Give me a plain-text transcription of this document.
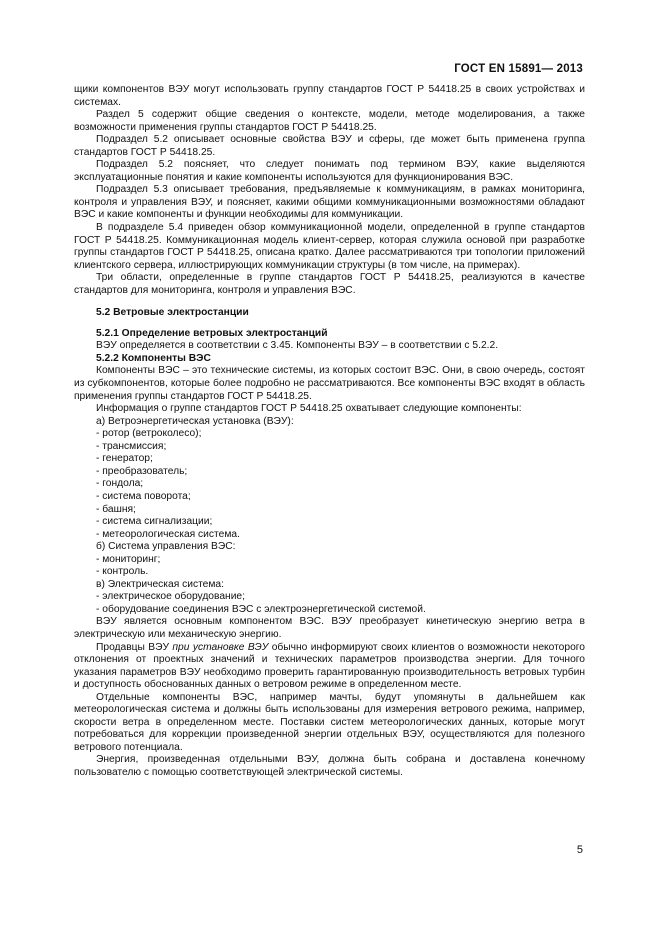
ГОСТ EN 15891— 2013

щики компонентов ВЭУ могут использовать группу стандартов ГОСТ Р 54418.25 в своих устройствах и системах.

Раздел 5 содержит общие сведения о контексте, модели, методе моделирования, а также возможности применения группы стандартов ГОСТ Р 54418.25.

Подраздел 5.2 описывает основные свойства ВЭУ и сферы, где может быть применена группа стандартов ГОСТ Р 54418.25.

Подраздел 5.2 поясняет, что следует понимать под термином ВЭУ, какие выделяются эксплуатационные понятия и какие компоненты используются для функционирования ВЭС.

Подраздел 5.3 описывает требования, предъявляемые к коммуникациям, в рамках мониторинга, контроля и управления ВЭУ, и поясняет, какими общими коммуникационными возможностями обладают ВЭС и какие компоненты и функции необходимы для коммуникации.

В подразделе 5.4 приведен обзор коммуникационной модели, определенной в группе стандартов ГОСТ Р 54418.25. Коммуникационная модель клиент-сервер, которая служила основой при разработке группы стандартов ГОСТ Р 54418.25, описана кратко. Далее рассматриваются три топологии приложений клиентского сервера, иллюстрирующих коммуникации структуры (в том числе, на примерах).

Три области, определенные в группе стандартов ГОСТ Р 54418.25, реализуются в качестве стандартов для мониторинга, контроля и управления ВЭС.

5.2 Ветровые электростанции

5.2.1 Определение ветровых электростанций

ВЭУ определяется в соответствии с 3.45. Компоненты ВЭУ – в соответствии с 5.2.2.

5.2.2 Компоненты ВЭС

Компоненты ВЭС – это технические системы, из которых состоит ВЭС. Они, в свою очередь, состоят из субкомпонентов, которые более подробно не рассматриваются. Все компоненты ВЭС входят в область применения группы стандартов ГОСТ Р 54418.25.

Информация о группе стандартов ГОСТ Р 54418.25 охватывает следующие компоненты:

а) Ветроэнергетическая установка (ВЭУ):

- ротор (ветроколесо);

- трансмиссия;

- генератор;

- преобразователь;

- гондола;

- система поворота;

- башня;

- система сигнализации;

- метеорологическая система.

б) Система управления ВЭС:

- мониторинг;

- контроль.

в) Электрическая система:

- электрическое оборудование;

- оборудование соединения ВЭС с электроэнергетической системой.

ВЭУ является основным компонентом ВЭС. ВЭУ преобразует кинетическую энергию ветра в электрическую или механическую энергию.

Продавцы ВЭУ при установке ВЭУ обычно информируют своих клиентов о возможности некоторого отклонения от проектных значений и технических параметров производства энергии. Для точного указания параметров ВЭУ необходимо проверить гарантированную производительность ветровых турбин и доступность обоснованных данных о ветровом режиме в определенном месте.

Отдельные компоненты ВЭС, например мачты, будут упомянуты в дальнейшем как метеорологическая система и должны быть использованы для измерения ветрового режима, например, скорости ветра в определенном месте. Поставки систем метеорологических данных, которые могут потребоваться для коррекции произведенной энергии отдельных ВЭУ, осуществляются для полезного ветрового потенциала.

Энергия, произведенная отдельными ВЭУ, должна быть собрана и доставлена конечному пользователю с помощью соответствующей электрической системы.

5
